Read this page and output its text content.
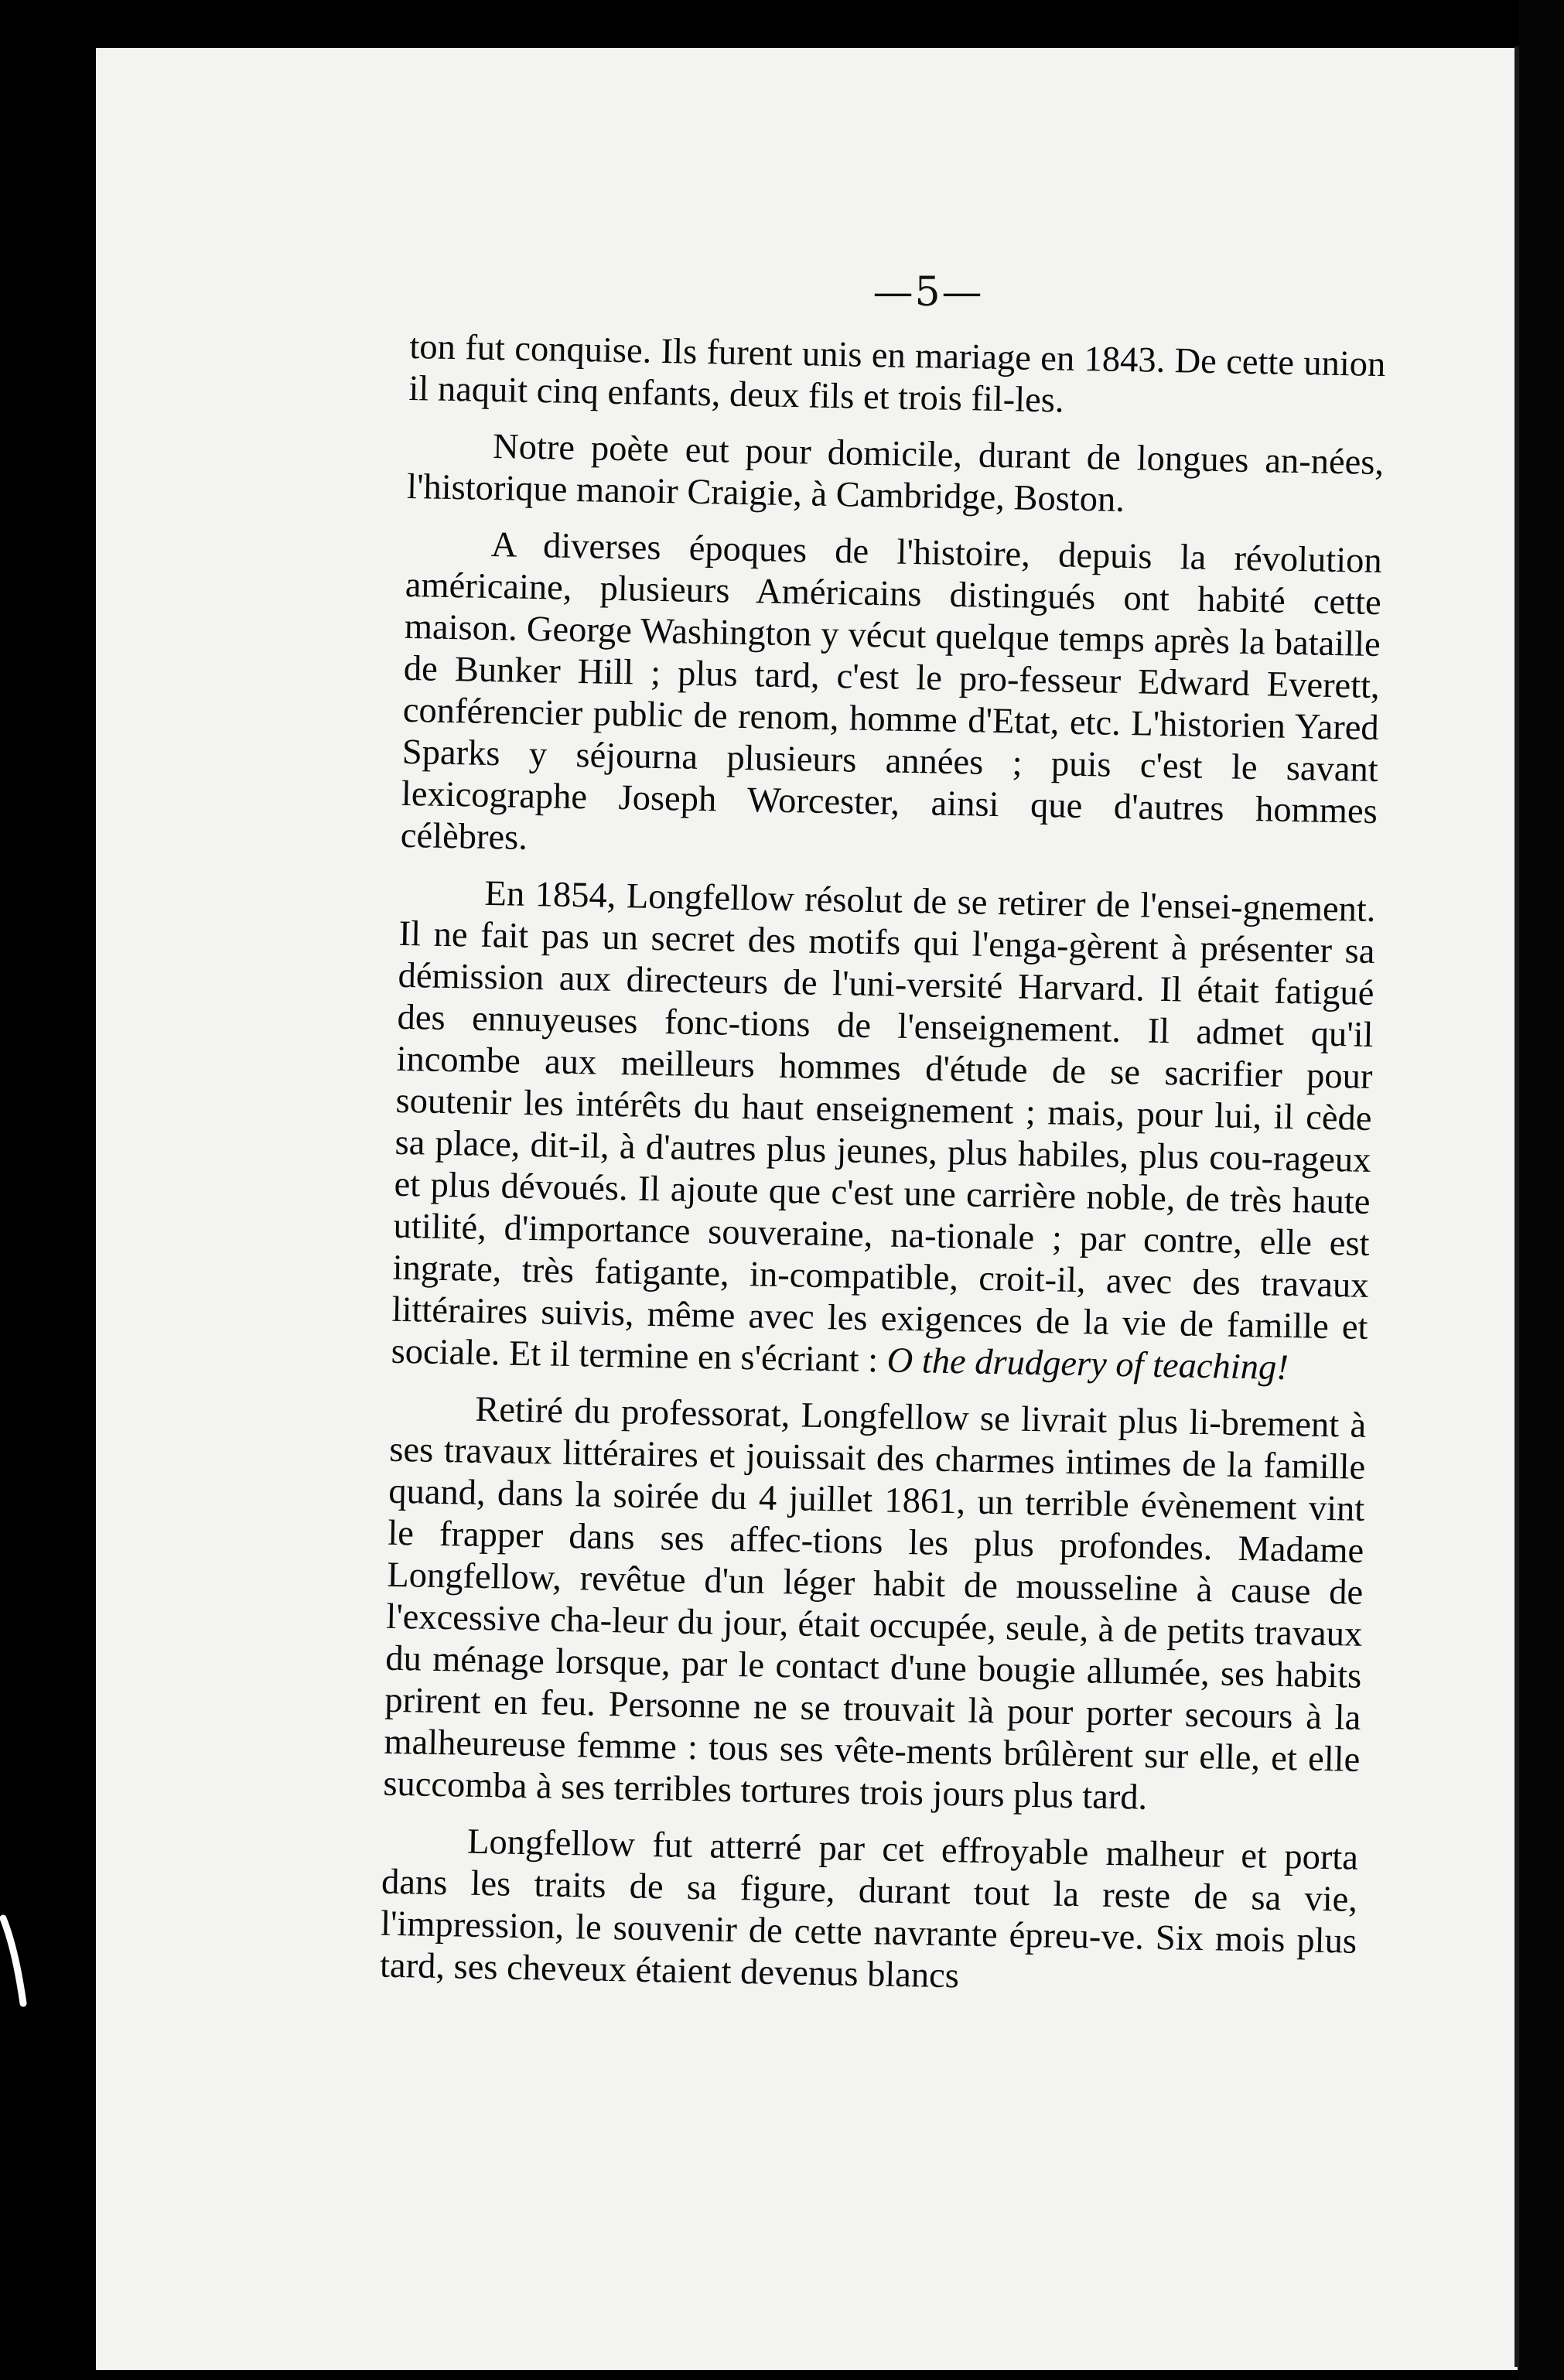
—5—

ton fut conquise. Ils furent unis en mariage en 1843. De cette union il naquit cinq enfants, deux fils et trois fil-les.

Notre poète eut pour domicile, durant de longues an-nées, l'historique manoir Craigie, à Cambridge, Boston.

A diverses époques de l'histoire, depuis la révolution américaine, plusieurs Américains distingués ont habité cette maison. George Washington y vécut quelque temps après la bataille de Bunker Hill ; plus tard, c'est le pro-fesseur Edward Everett, conférencier public de renom, homme d'Etat, etc. L'historien Yared Sparks y séjourna plusieurs années ; puis c'est le savant lexicographe Joseph Worcester, ainsi que d'autres hommes célèbres.

En 1854, Longfellow résolut de se retirer de l'ensei-gnement. Il ne fait pas un secret des motifs qui l'enga-gèrent à présenter sa démission aux directeurs de l'uni-versité Harvard. Il était fatigué des ennuyeuses fonc-tions de l'enseignement. Il admet qu'il incombe aux meilleurs hommes d'étude de se sacrifier pour soutenir les intérêts du haut enseignement ; mais, pour lui, il cède sa place, dit-il, à d'autres plus jeunes, plus habiles, plus cou-rageux et plus dévoués. Il ajoute que c'est une carrière noble, de très haute utilité, d'importance souveraine, na-tionale ; par contre, elle est ingrate, très fatigante, in-compatible, croit-il, avec des travaux littéraires suivis, même avec les exigences de la vie de famille et sociale. Et il termine en s'écriant : O the drudgery of teaching!

Retiré du professorat, Longfellow se livrait plus li-brement à ses travaux littéraires et jouissait des charmes intimes de la famille quand, dans la soirée du 4 juillet 1861, un terrible évènement vint le frapper dans ses affec-tions les plus profondes. Madame Longfellow, revêtue d'un léger habit de mousseline à cause de l'excessive cha-leur du jour, était occupée, seule, à de petits travaux du ménage lorsque, par le contact d'une bougie allumée, ses habits prirent en feu. Personne ne se trouvait là pour porter secours à la malheureuse femme : tous ses vête-ments brûlèrent sur elle, et elle succomba à ses terribles tortures trois jours plus tard.

Longfellow fut atterré par cet effroyable malheur et porta dans les traits de sa figure, durant tout la reste de sa vie, l'impression, le souvenir de cette navrante épreu-ve. Six mois plus tard, ses cheveux étaient devenus blancs
